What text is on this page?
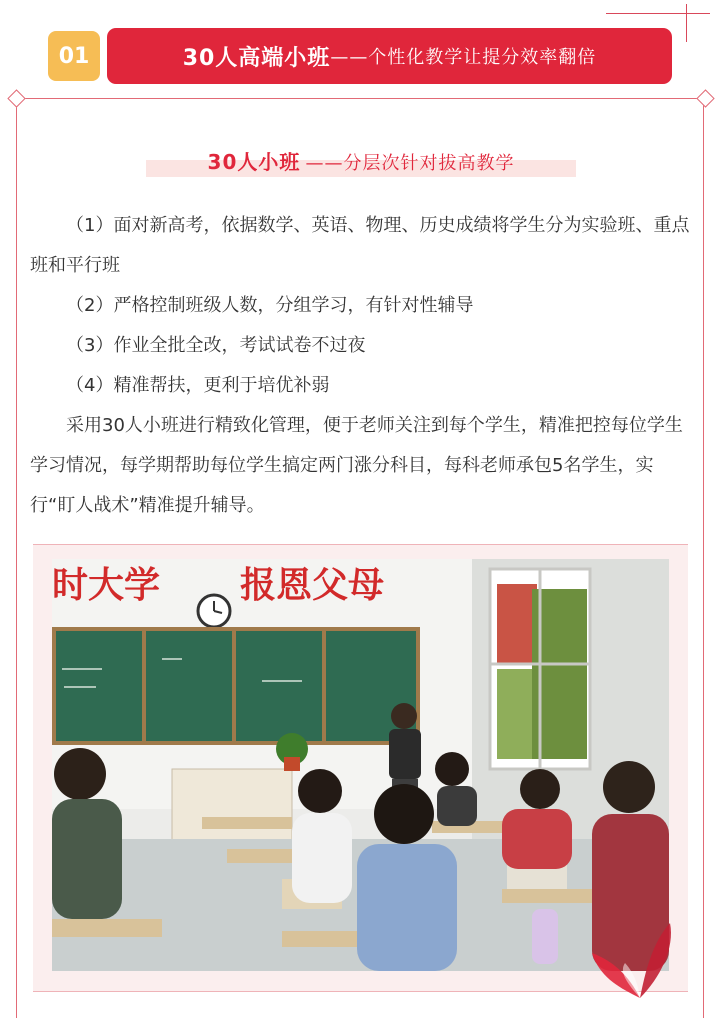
01	30人高端小班 ——个性化教学让提分效率翻倍
30人小班 ——分层次针对拔高教学

（1）面对新高考，依据数学、英语、物理、历史成绩将学生分为实验班、重点班和平行班

（2）严格控制班级人数，分组学习，有针对性辅导

（3）作业全批全改，考试试卷不过夜

（4）精准帮扶，更利于培优补弱

采用30人小班进行精致化管理，便于老师关注到每个学生，精准把控每位学生学习情况，每学期帮助每位学生搞定两门涨分科目，每科老师承包5名学生，实行“盯人战术”精准提升辅导。

时大学 报恩父母
